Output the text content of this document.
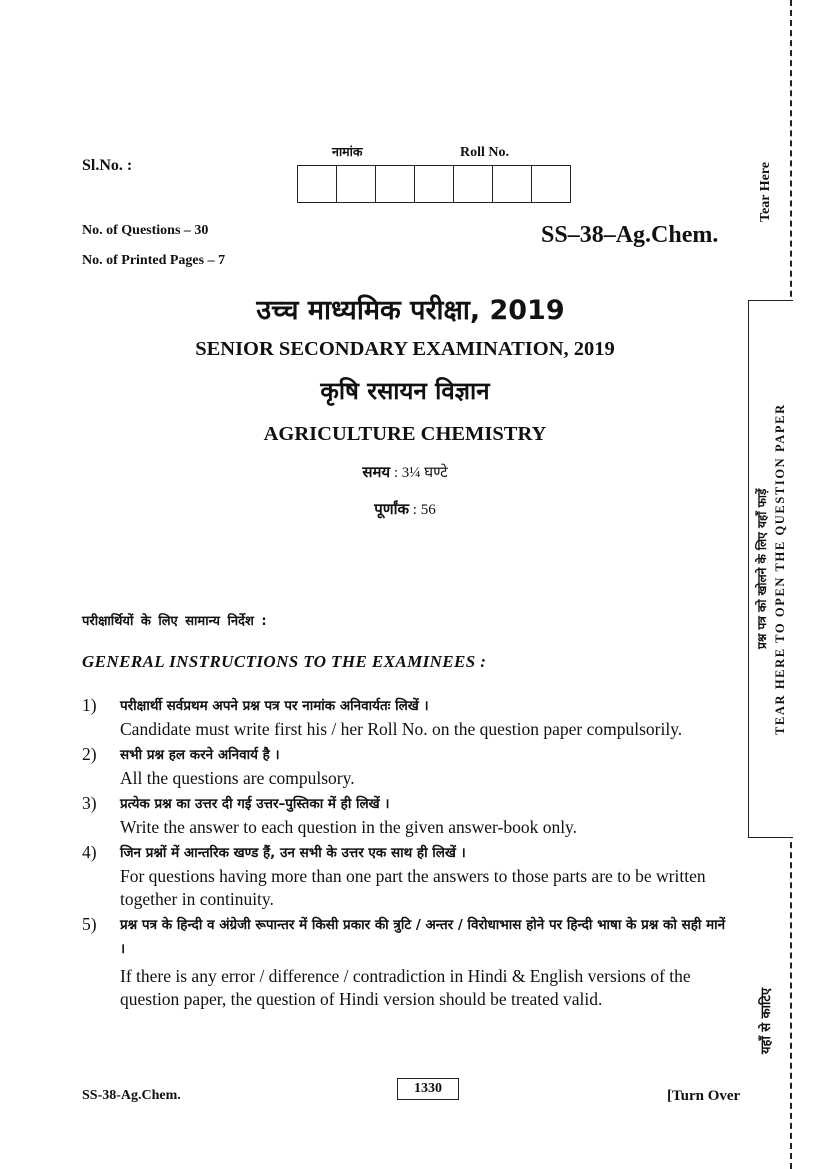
Tear Here
प्रश्न पत्र को खोलने के लिए यहाँ फाड़ें TEAR HERE TO OPEN THE QUESTION PAPER
यहाँ से काटिए
Sl.No. :
नामांक	Roll No.
No. of Questions – 30
No. of Printed Pages – 7
SS–38–Ag.Chem.
उच्च माध्यमिक परीक्षा, 2019
SENIOR SECONDARY EXAMINATION, 2019
कृषि रसायन विज्ञान
AGRICULTURE CHEMISTRY
समय : 3¼ घण्टे
पूर्णांक : 56
परीक्षार्थियों के लिए सामान्य निर्देश :
GENERAL INSTRUCTIONS TO THE EXAMINEES :
1)	परीक्षार्थी सर्वप्रथम अपने प्रश्न पत्र पर नामांक अनिवार्यतः लिखें ।
Candidate must write first his / her Roll No. on the question paper compulsorily.
2)	सभी प्रश्न हल करने अनिवार्य है ।
All the questions are compulsory.
3)	प्रत्येक प्रश्न का उत्तर दी गई उत्तर–पुस्तिका में ही लिखें ।
Write the answer to each question in the given answer-book only.
4)	जिन प्रश्नों में आन्तरिक खण्ड हैं, उन सभी के उत्तर एक साथ ही लिखें ।
For questions having more than one part the answers to those parts are to be written together in continuity.
5)	प्रश्न पत्र के हिन्दी व अंग्रेजी रूपान्तर में किसी प्रकार की त्रुटि / अन्तर / विरोधाभास होने पर हिन्दी भाषा के प्रश्न को सही मानें ।
If there is any error / difference / contradiction in Hindi & English versions of the question paper, the question of Hindi version should be treated valid.
SS-38-Ag.Chem.	1330	[Turn Over
